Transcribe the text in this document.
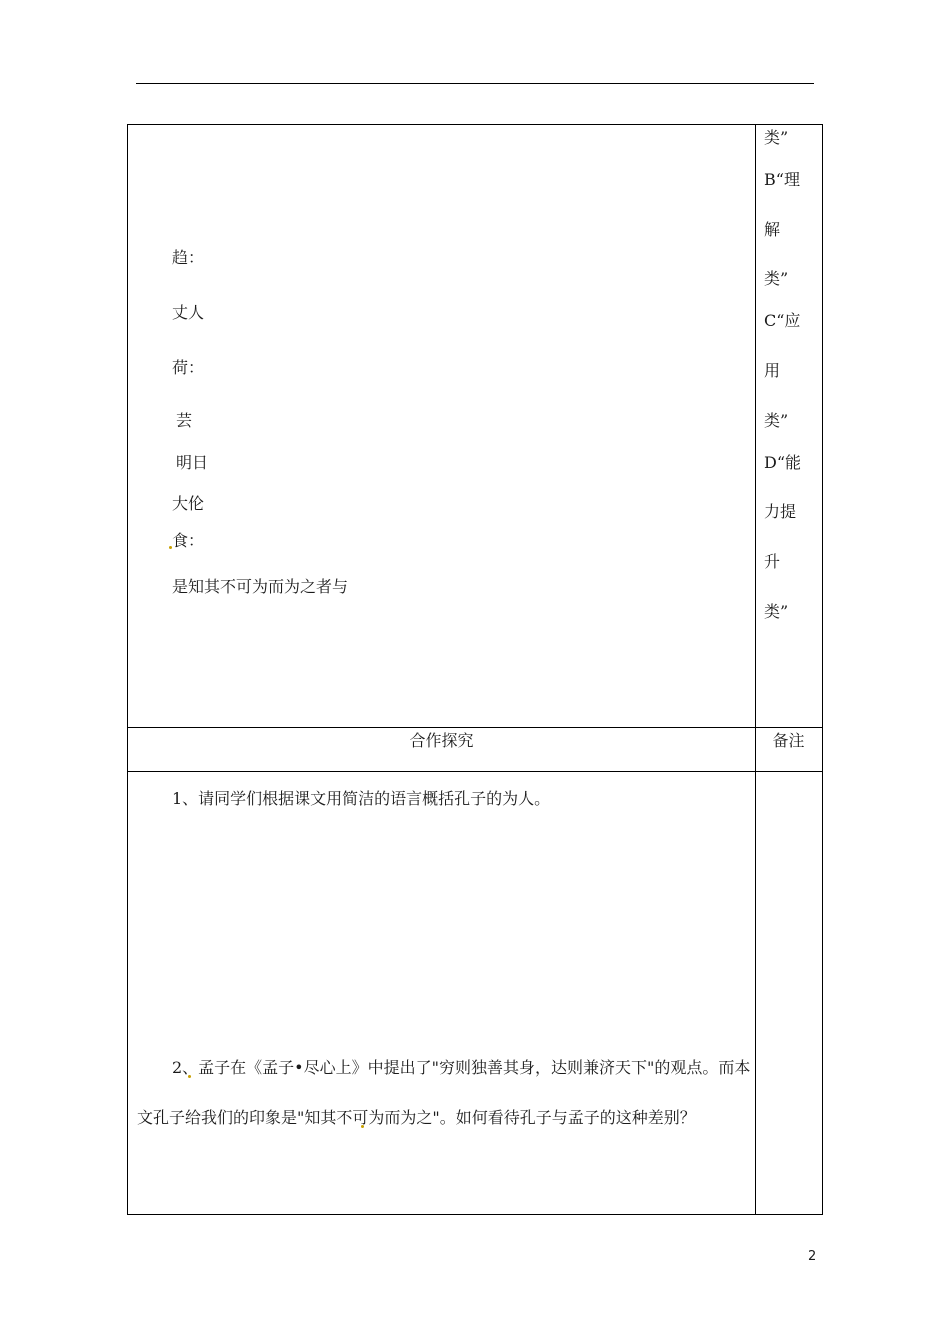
趋：
丈人
荷：
芸
明日
大伦
食：
是知其不可为而为之者与
类”
B“理
解
类”
C“应
用
类”
D“能
力提
升
类”
合作探究	备注
1、请同学们根据课文用简洁的语言概括孔子的为人。
2、孟子在《孟子•尽心上》中提出了"穷则独善其身，达则兼济天下"的观点。而本
文孔子给我们的印象是"知其不可为而为之"。如何看待孔子与孟子的这种差别？
2
